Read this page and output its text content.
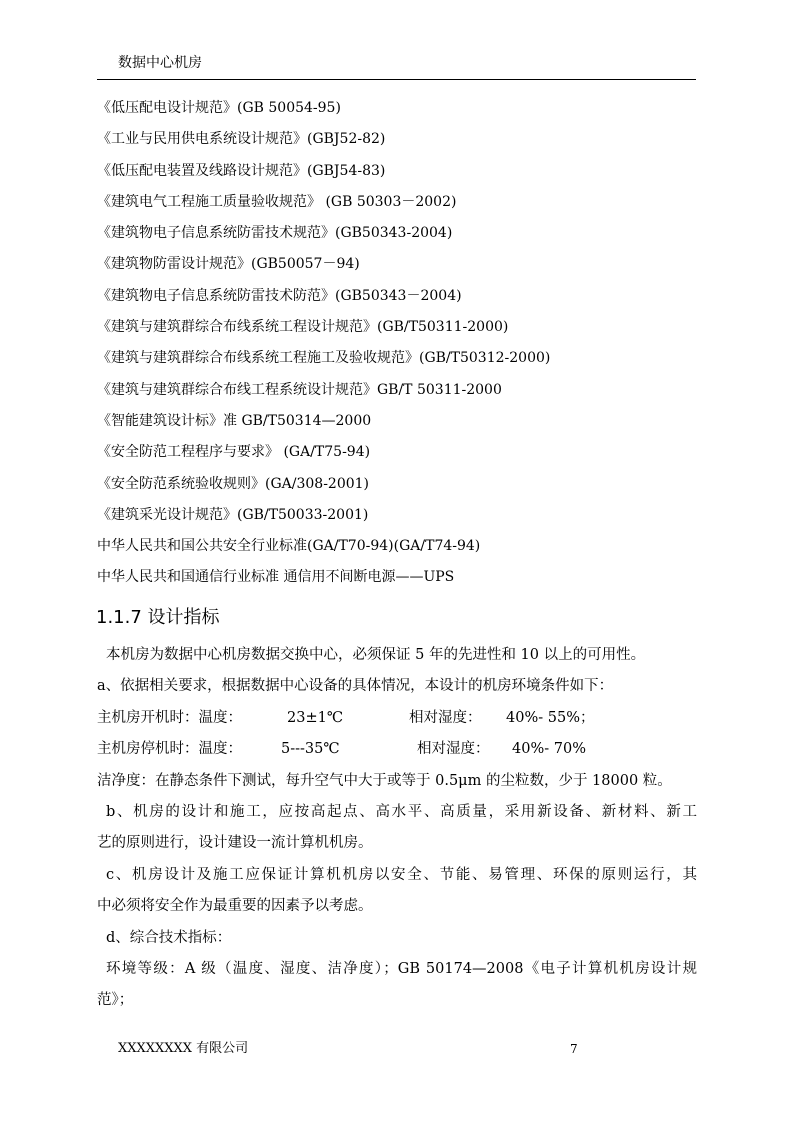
数据中心机房
《低压配电设计规范》(GB 50054-95)
《工业与民用供电系统设计规范》(GBJ52-82)
《低压配电装置及线路设计规范》(GBJ54-83)
《建筑电气工程施工质量验收规范》 (GB 50303－2002)
《建筑物电子信息系统防雷技术规范》(GB50343-2004)
《建筑物防雷设计规范》(GB50057－94)
《建筑物电子信息系统防雷技术防范》(GB50343－2004)
《建筑与建筑群综合布线系统工程设计规范》(GB/T50311-2000)
《建筑与建筑群综合布线系统工程施工及验收规范》(GB/T50312-2000)
《建筑与建筑群综合布线工程系统设计规范》GB/T 50311-2000
《智能建筑设计标》准 GB/T50314—2000
《安全防范工程程序与要求》 (GA/T75-94)
《安全防范系统验收规则》(GA/308-2001)
《建筑采光设计规范》(GB/T50033-2001)
中华人民共和国公共安全行业标准(GA/T70-94)(GA/T74-94)
中华人民共和国通信行业标准 通信用不间断电源——UPS
1.1.7 设计指标
本机房为数据中心机房数据交换中心，必须保证 5 年的先进性和 10 以上的可用性。
a、依据相关要求，根据数据中心设备的具体情况，本设计的机房环境条件如下：
主机房开机时：温度：	23±1℃	相对湿度： 40%- 55%；
主机房停机时：温度：	5---35℃	相对湿度： 40%- 70%
洁净度：在静态条件下测试，每升空气中大于或等于 0.5μm 的尘粒数，少于 18000 粒。
b、机房的设计和施工，应按高起点、高水平、高质量，采用新设备、新材料、新工
艺的原则进行，设计建设一流计算机机房。
c、机房设计及施工应保证计算机机房以安全、节能、易管理、环保的原则运行，其
中必须将安全作为最重要的因素予以考虑。
d、综合技术指标：
环境等级：A 级（温度、湿度、洁净度）；GB 50174—2008《电子计算机机房设计规
范》；
XXXXXXXX 有限公司	7
